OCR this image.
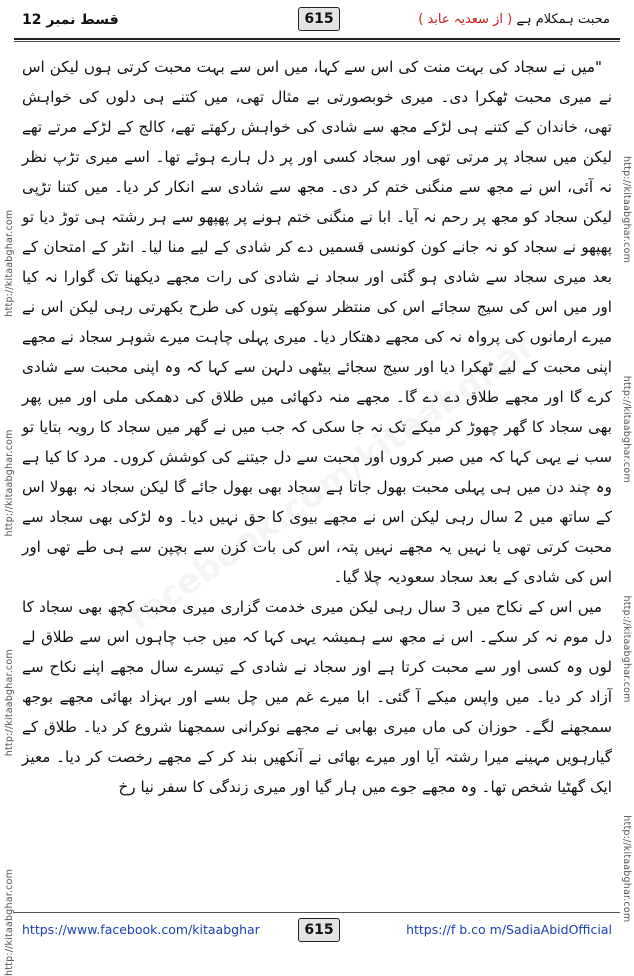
قسط نمبر 12	615	محبت ہمکلام ہے ( از سعدیہ عابد )
http://kitaabghar.com                                   http://kitaabghar.com                                   http://kitaabghar.com                                   http://kitaabghar.com
http://kitaabghar.com                                   http://kitaabghar.com                                   http://kitaabghar.com                                   http://kitaabghar.com

"میں نے سجاد کی بہت منت کی اس سے کہا، میں اس سے بہت محبت کرتی ہوں لیکن اس نے میری محبت ٹھکرا دی۔ میری خوبصورتی بے مثال تھی، میں کتنے ہی دلوں کی خواہش تھی، خاندان کے کتنے ہی لڑکے مجھ سے شادی کی خواہش رکھتے تھے، کالج کے لڑکے مرتے تھے لیکن میں سجاد پر مرتی تھی اور سجاد کسی اور پر دل ہارے ہوئے تھا۔ اسے میری تڑپ نظر نہ آئی، اس نے مجھ سے منگنی ختم کر دی۔ مجھ سے شادی سے انکار کر دیا۔ میں کتنا تڑپی لیکن سجاد کو مجھ پر رحم نہ آیا۔ ابا نے منگنی ختم ہونے پر پھپھو سے ہر رشتہ ہی توڑ دیا تو پھپھو نے سجاد کو نہ جانے کون کونسی قسمیں دے کر شادی کے لیے منا لیا۔ انٹر کے امتحان کے بعد میری سجاد سے شادی ہو گئی اور سجاد نے شادی کی رات مجھے دیکھنا تک گوارا نہ کیا اور میں اس کی سیج سجائے اس کی منتظر سوکھے پتوں کی طرح بکھرتی رہی لیکن اس نے میرے ارمانوں کی پرواہ نہ کی مجھے دھتکار دیا۔ میری پہلی چاہت میرے شوہر سجاد نے مجھے اپنی محبت کے لیے ٹھکرا دیا اور سیج سجائے بیٹھی دلہن سے کہا کہ وہ اپنی محبت سے شادی کرے گا اور مجھے طلاق دے دے گا۔ مجھے منہ دکھائی میں طلاق کی دھمکی ملی اور میں پھر بھی سجاد کا گھر چھوڑ کر میکے تک نہ جا سکی کہ جب میں نے گھر میں سجاد کا رویہ بتایا تو سب نے یہی کہا کہ میں صبر کروں اور محبت سے دل جیتنے کی کوشش کروں۔ مرد کا کیا ہے وہ چند دن میں ہی پہلی محبت بھول جاتا ہے سجاد بھی بھول جائے گا لیکن سجاد نہ بھولا اس کے ساتھ میں 2 سال رہی لیکن اس نے مجھے بیوی کا حق نہیں دیا۔ وہ لڑکی بھی سجاد سے محبت کرتی تھی یا نہیں یہ مجھے نہیں پتہ، اس کی بات کزن سے بچپن سے ہی طے تھی اور اس کی شادی کے بعد سجاد سعودیہ چلا گیا۔

میں اس کے نکاح میں 3 سال رہی لیکن میری خدمت گزاری میری محبت کچھ بھی سجاد کا دل موم نہ کر سکے۔ اس نے مجھ سے ہمیشہ یہی کہا کہ میں جب چاہوں اس سے طلاق لے لوں وہ کسی اور سے محبت کرتا ہے اور سجاد نے شادی کے تیسرے سال مجھے اپنے نکاح سے آزاد کر دیا۔ میں واپس میکے آ گئی۔ ابا میرے غم میں چل بسے اور بہزاد بھائی مجھے بوجھ سمجھنے لگے۔ حوزان کی ماں میری بھابی نے مجھے نوکرانی سمجھنا شروع کر دیا۔ طلاق کے گیارہویں مہینے میرا رشتہ آیا اور میرے بھائی نے آنکھیں بند کر کے مجھے رخصت کر دیا۔ معیز ایک گھٹیا شخص تھا۔ وہ مجھے جوے میں ہار گیا اور میری زندگی کا سفر نیا رخ

https://www.facebook.com/kitaabghar	615	https://f b.co m/SadiaAbidOfficial
